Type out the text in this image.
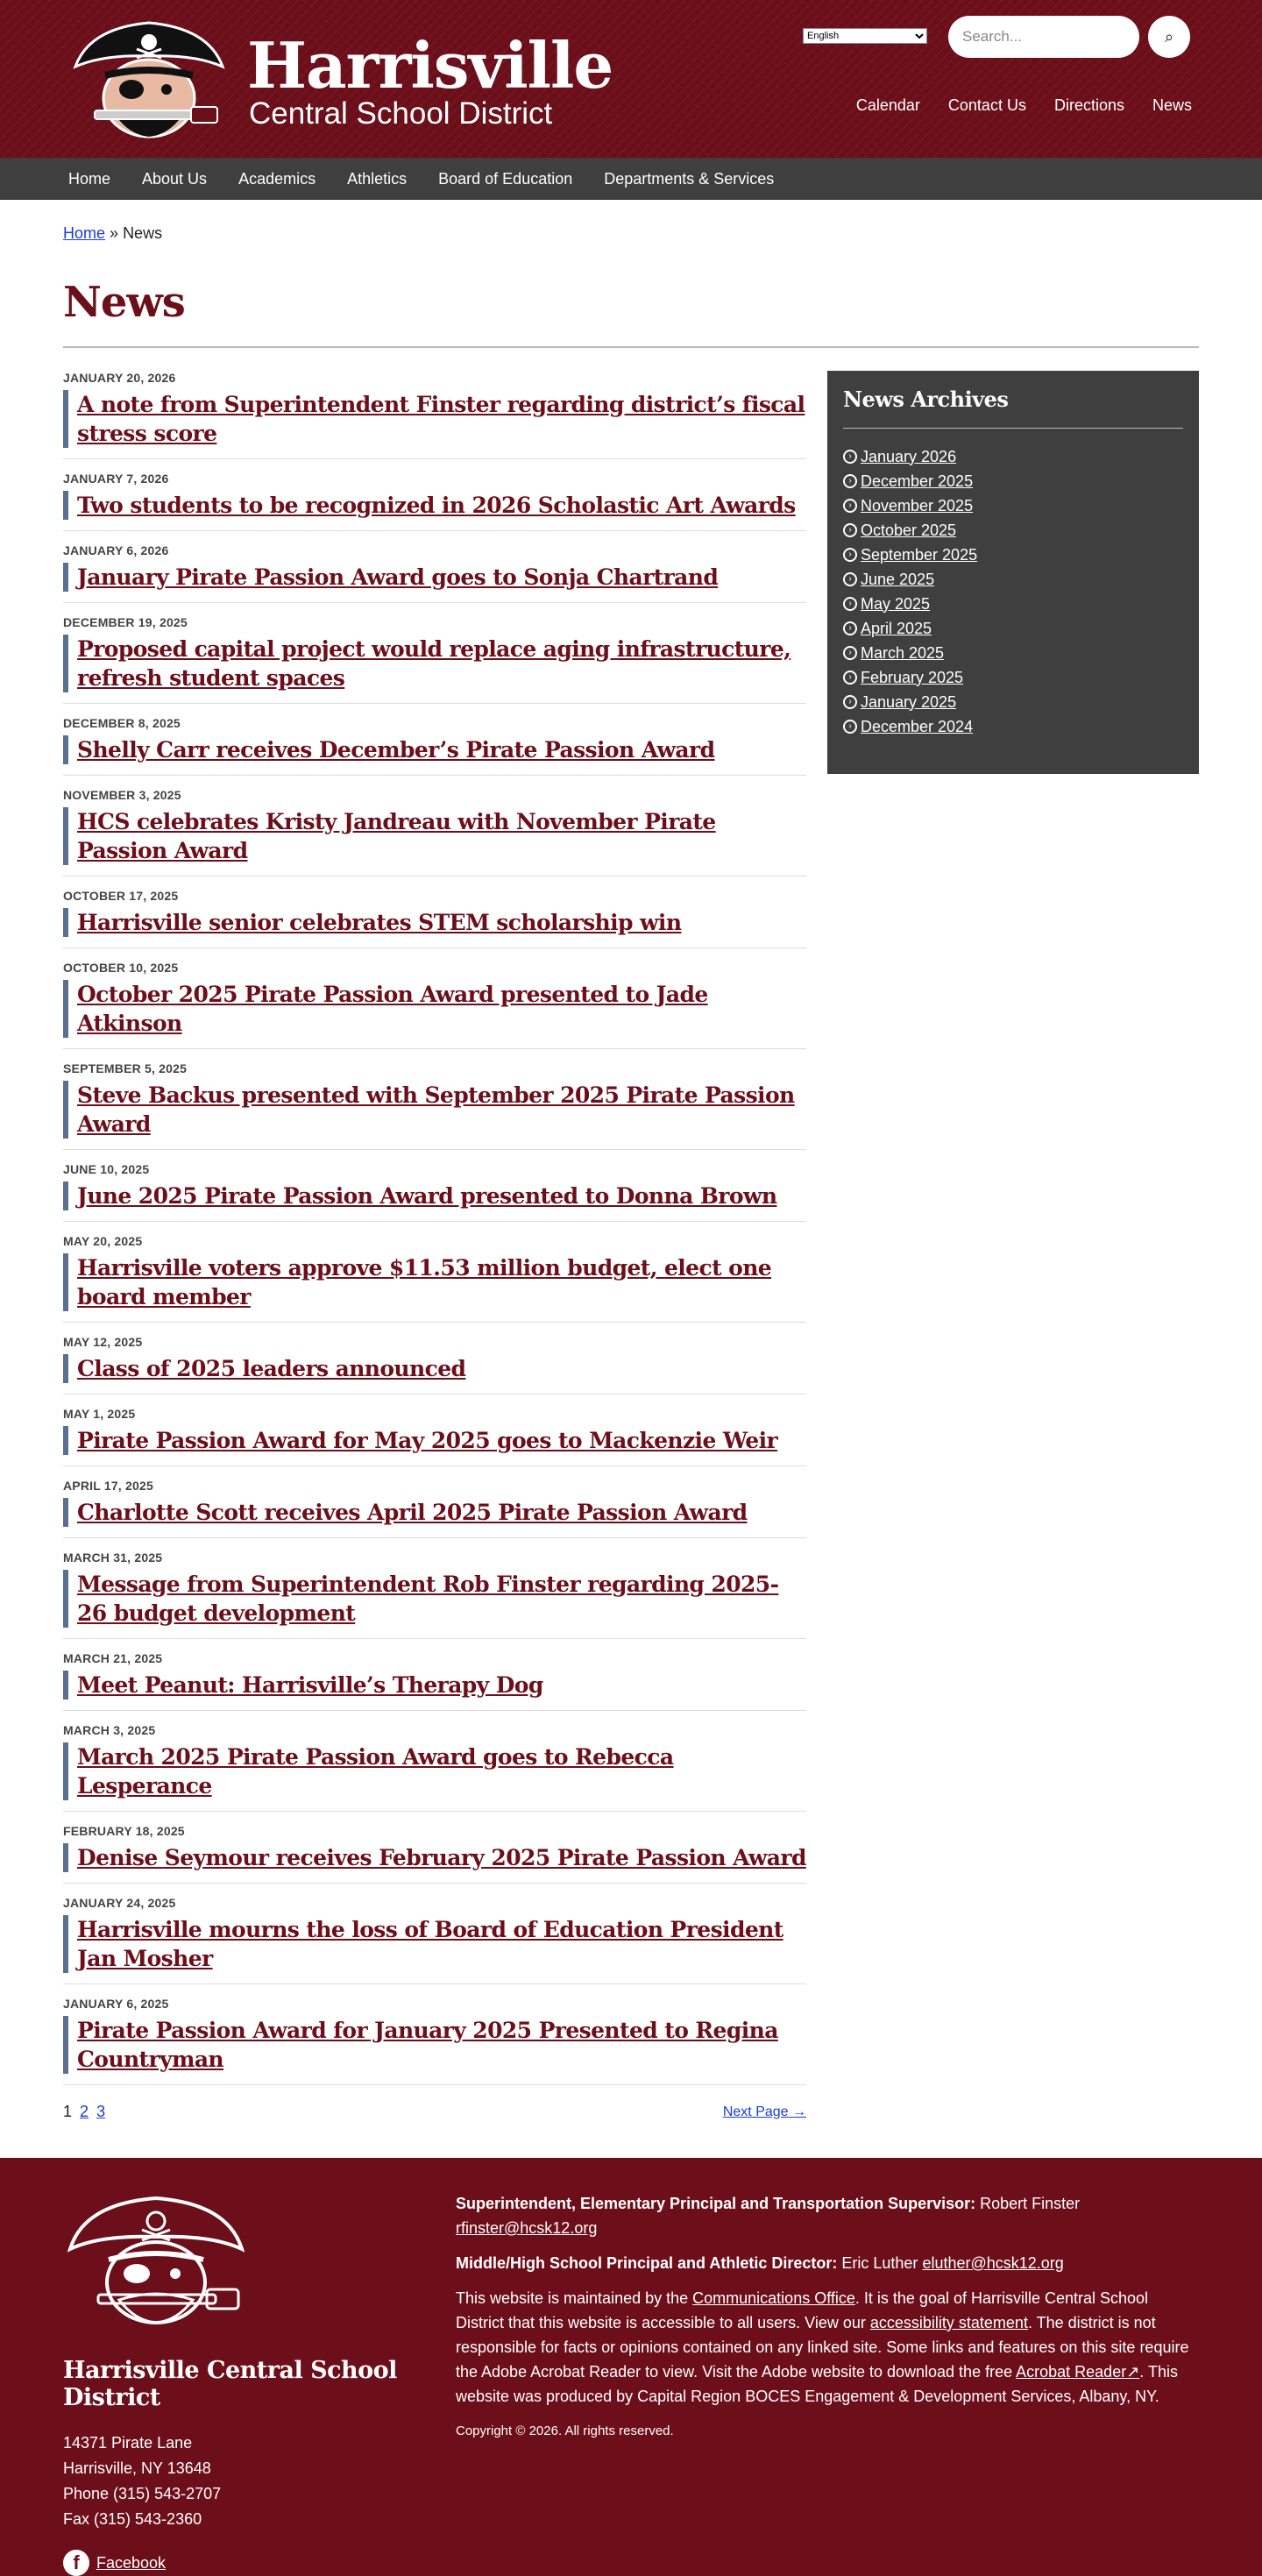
Harrisville
Central School District
English
Search...	⌕
Calendar Contact Us Directions News
Home About Us Academics Athletics Board of Education Departments & Services
Home » News
News
JANUARY 20, 2026
A note from Superintendent Finster regarding district’s fiscal stress score
JANUARY 7, 2026
Two students to be recognized in 2026 Scholastic Art Awards
JANUARY 6, 2026
January Pirate Passion Award goes to Sonja Chartrand
DECEMBER 19, 2025
Proposed capital project would replace aging infrastructure, refresh student spaces
DECEMBER 8, 2025
Shelly Carr receives December’s Pirate Passion Award
NOVEMBER 3, 2025
HCS celebrates Kristy Jandreau with November Pirate Passion Award
OCTOBER 17, 2025
Harrisville senior celebrates STEM scholarship win
OCTOBER 10, 2025
October 2025 Pirate Passion Award presented to Jade Atkinson
SEPTEMBER 5, 2025
Steve Backus presented with September 2025 Pirate Passion Award
JUNE 10, 2025
June 2025 Pirate Passion Award presented to Donna Brown
MAY 20, 2025
Harrisville voters approve $11.53 million budget, elect one board member
MAY 12, 2025
Class of 2025 leaders announced
MAY 1, 2025
Pirate Passion Award for May 2025 goes to Mackenzie Weir
APRIL 17, 2025
Charlotte Scott receives April 2025 Pirate Passion Award
MARCH 31, 2025
Message from Superintendent Rob Finster regarding 2025-26 budget development
MARCH 21, 2025
Meet Peanut: Harrisville’s Therapy Dog
MARCH 3, 2025
March 2025 Pirate Passion Award goes to Rebecca Lesperance
FEBRUARY 18, 2025
Denise Seymour receives February 2025 Pirate Passion Award
JANUARY 24, 2025
Harrisville mourns the loss of Board of Education President Jan Mosher
JANUARY 6, 2025
Pirate Passion Award for January 2025 Presented to Regina Countryman
1 2 3	Next Page →
News Archives
› January 2026
› December 2025
› November 2025
› October 2025
› September 2025
› June 2025
› May 2025
› April 2025
› March 2025
› February 2025
› January 2025
› December 2024
Harrisville Central School District
14371 Pirate Lane
Harrisville, NY 13648
Phone (315) 543-2707
Fax (315) 543-2360
f	Facebook

Superintendent, Elementary Principal and Transportation Supervisor: Robert Finster rfinster@hcsk12.org

Middle/High School Principal and Athletic Director: Eric Luther eluther@hcsk12.org

This website is maintained by the Communications Office. It is the goal of Harrisville Central School District that this website is accessible to all users. View our accessibility statement. The district is not responsible for facts or opinions contained on any linked site. Some links and features on this site require the Adobe Acrobat Reader to view. Visit the Adobe website to download the free Acrobat Reader↗. This website was produced by Capital Region BOCES Engagement & Development Services, Albany, NY.

Copyright © 2026. All rights reserved.
